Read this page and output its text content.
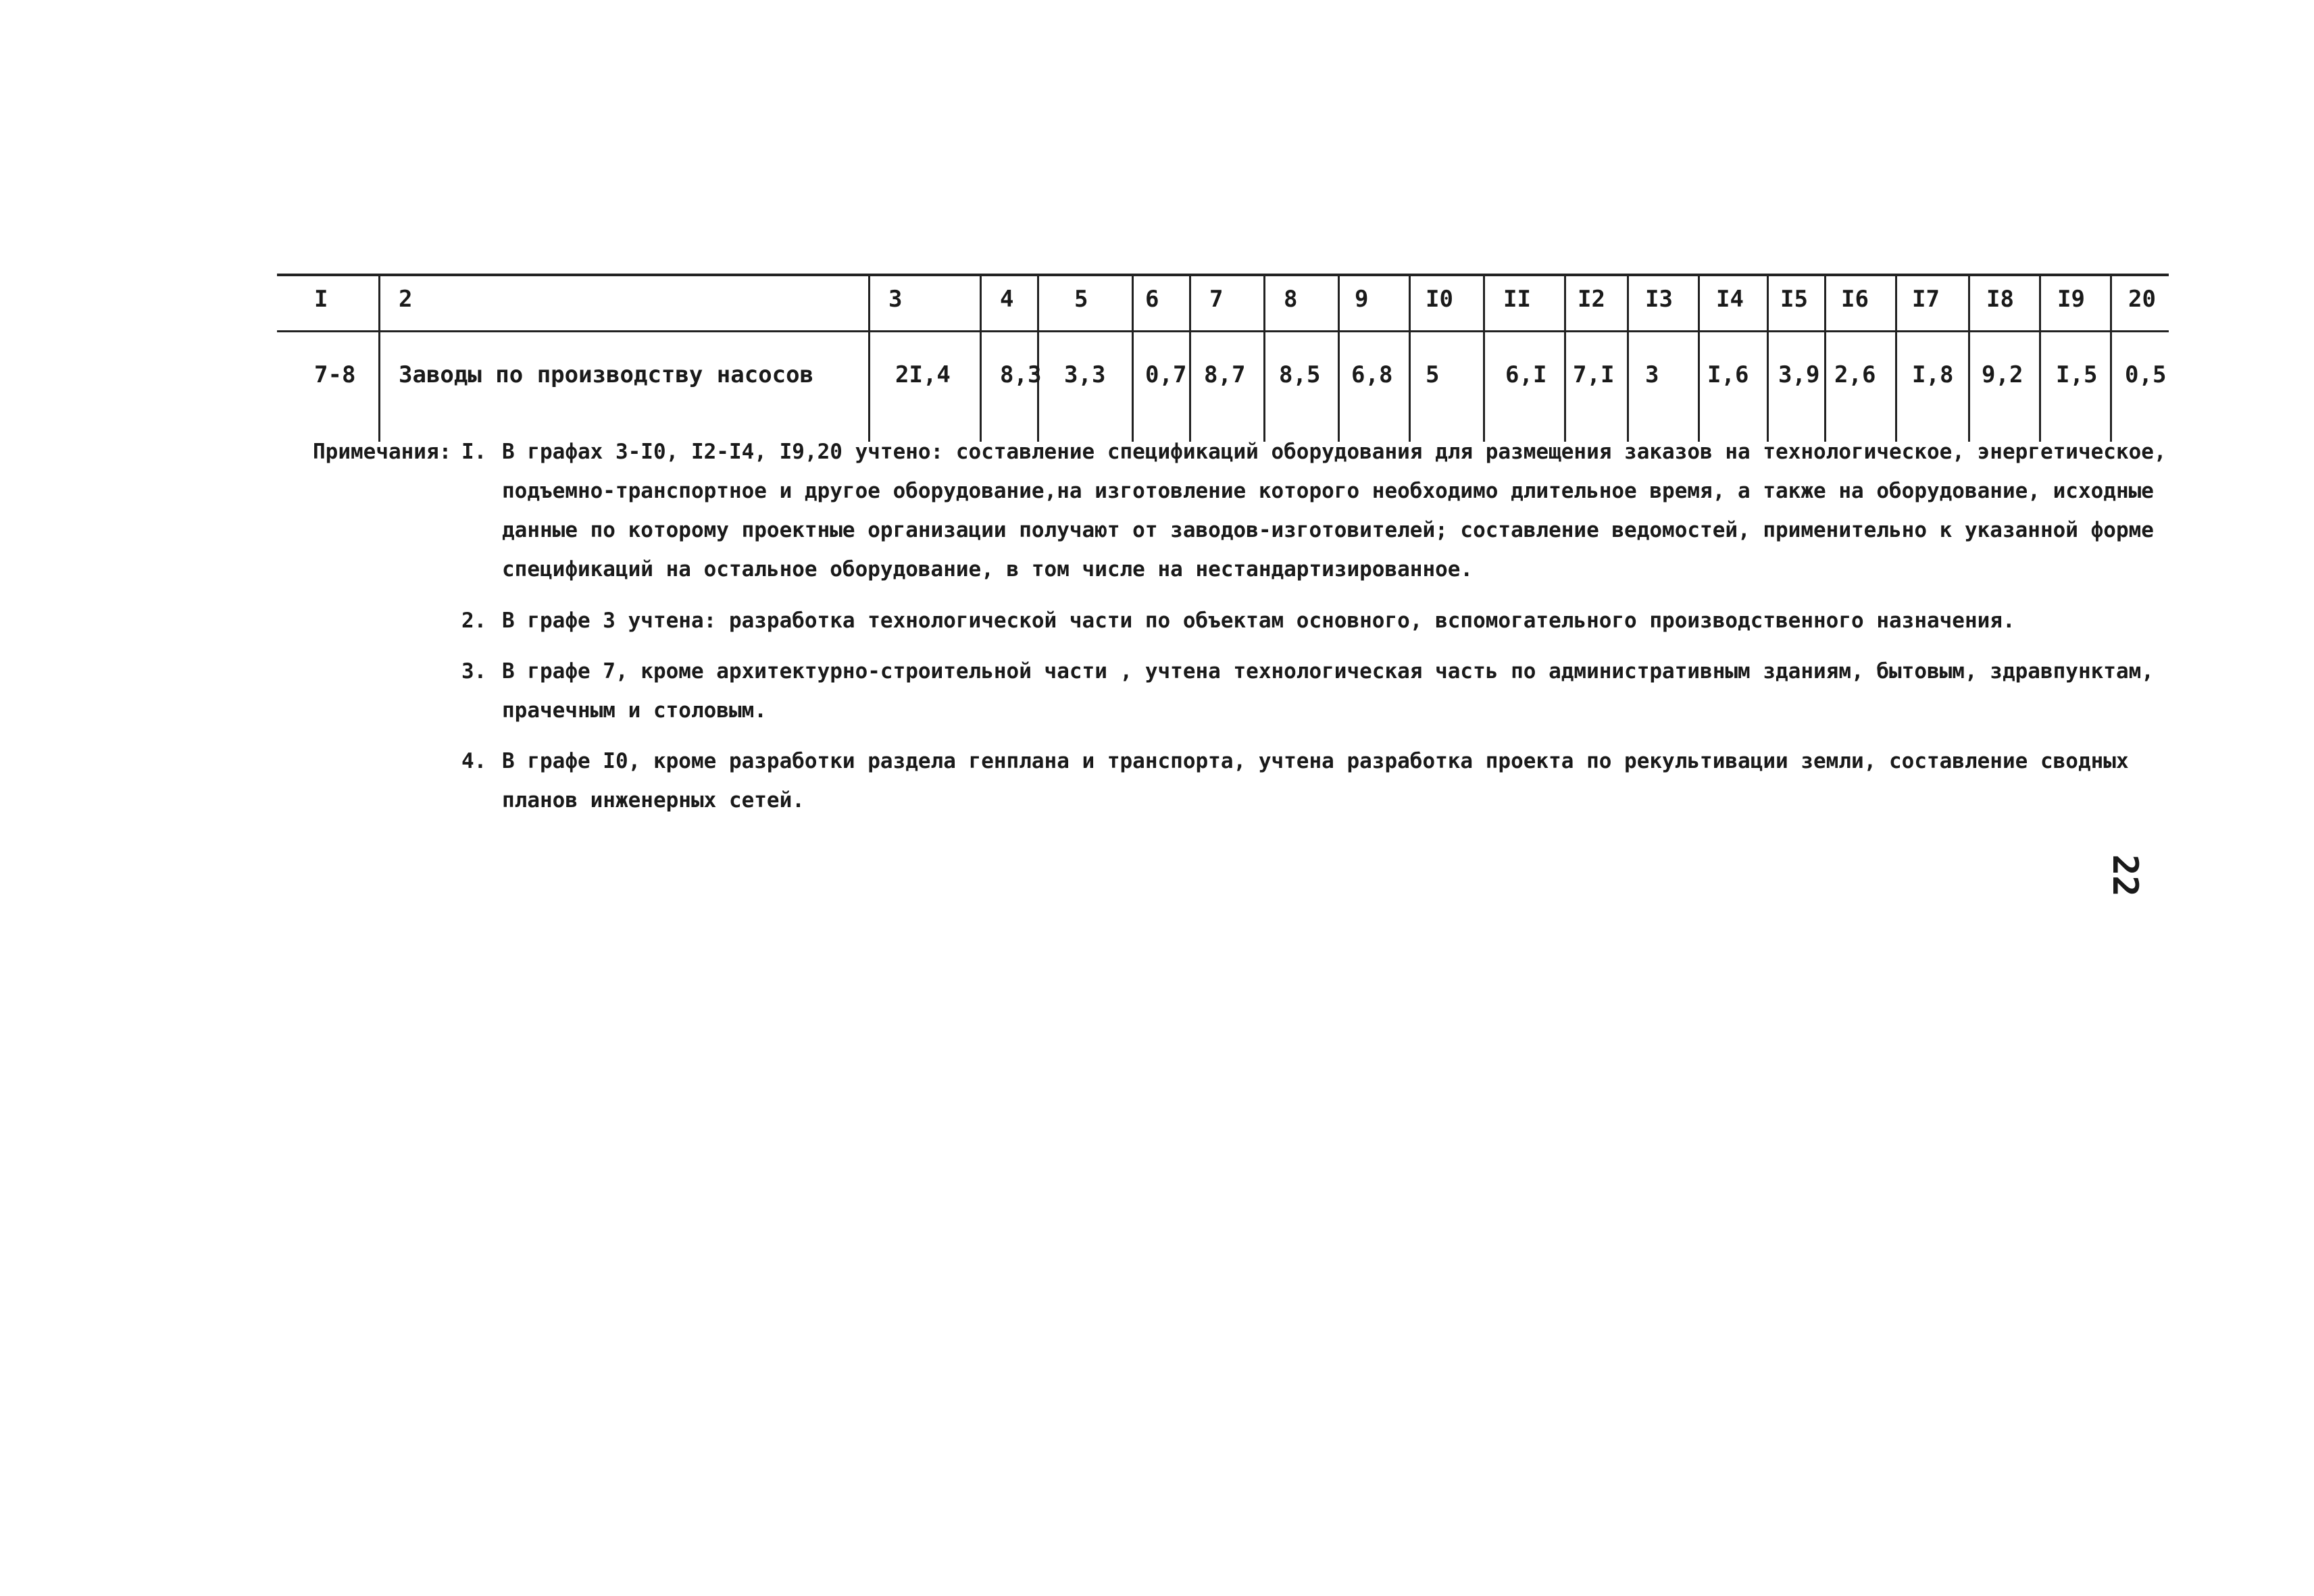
I	2	3	4	5 6 7	8 9 I0 II I2 I3 I4 I5 I6 I7 I8 I9 20
7-8 Заводы по производству насосов	2I,4 8,3 3,3 0,7 8,7 8,5 6,8 5	6,I 7,I 3 I,6 3,9 2,6 I,8 9,2 I,5 0,5
Примечания: I. В графах 3-I0, I2-I4, I9,20 учтено: составление спецификаций оборудования для размещения заказов на технологическое, энергетическое,
подъемно-транспортное и другое оборудование,на изготовление которого необходимо длительное время, а также на оборудование, исходные
данные по которому проектные организации получают от заводов-изготовителей; составление ведомостей, применительно к указанной форме
спецификаций на остальное оборудование, в том числе на нестандартизированное.
2. В графе 3 учтена: разработка технологической части по объектам основного, вспомогательного производственного назначения.
3. В графе 7, кроме архитектурно-строительной части , учтена технологическая часть по административным зданиям, бытовым, здравпунктам,
прачечным и столовым.
4. В графе I0, кроме разработки раздела генплана и транспорта, учтена разработка проекта по рекультивации земли, составление сводных
планов инженерных сетей.
22
